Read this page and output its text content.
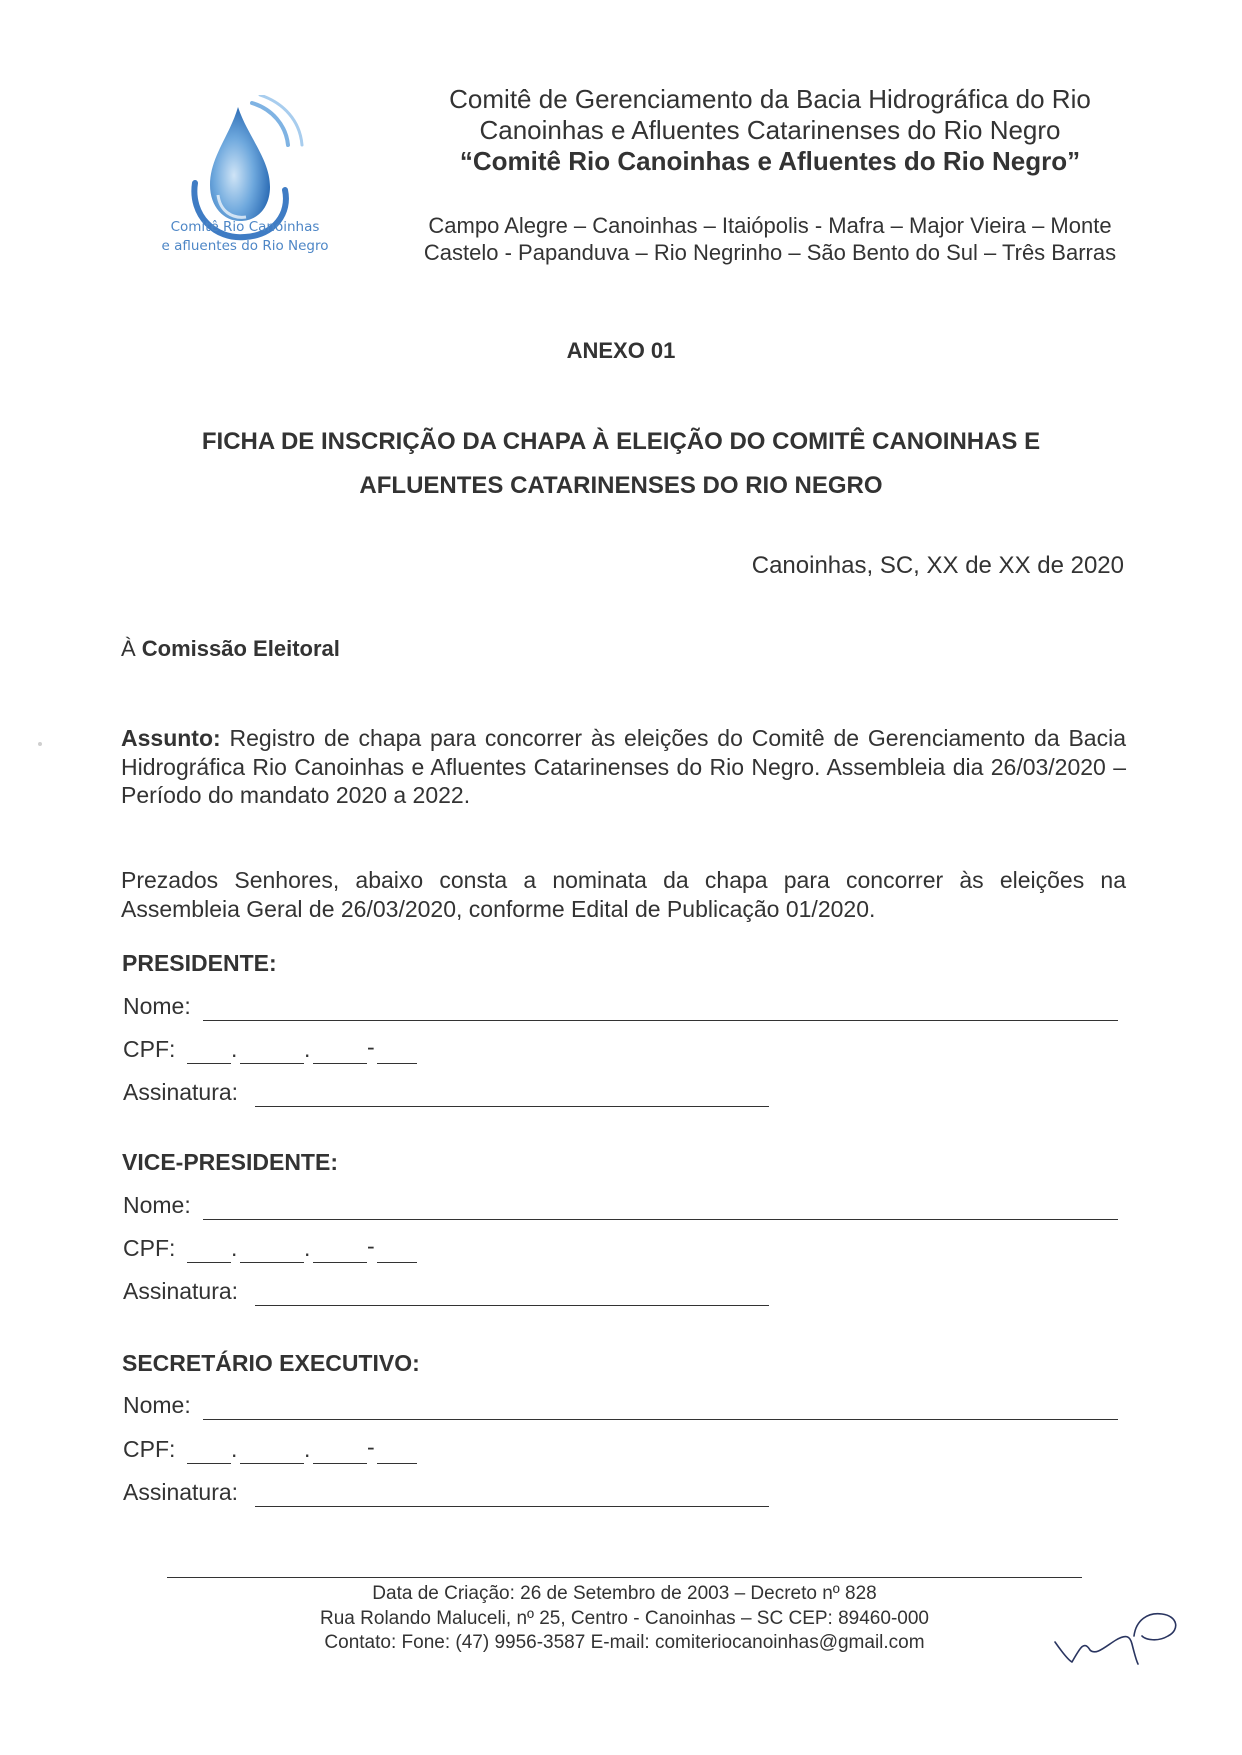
Comitê Rio Canoinhas
e afluentes do Rio Negro
Comitê de Gerenciamento da Bacia Hidrográfica do Rio
Canoinhas e Afluentes Catarinenses do Rio Negro
“Comitê Rio Canoinhas e Afluentes do Rio Negro”
Campo Alegre – Canoinhas – Itaiópolis - Mafra – Major Vieira – Monte
Castelo - Papanduva – Rio Negrinho – São Bento do Sul – Três Barras
ANEXO 01
FICHA DE INSCRIÇÃO DA CHAPA À ELEIÇÃO DO COMITÊ CANOINHAS E
AFLUENTES CATARINENSES DO RIO NEGRO
Canoinhas, SC, XX de XX de 2020
À Comissão Eleitoral
Assunto: Registro de chapa para concorrer às eleições do Comitê de Gerenciamento da Bacia Hidrográfica Rio Canoinhas e Afluentes Catarinenses do Rio Negro. Assembleia dia 26/03/2020 – Período do mandato 2020 a 2022.
Prezados Senhores, abaixo consta a nominata da chapa para concorrer às eleições na Assembleia Geral de 26/03/2020, conforme Edital de Publicação 01/2020.
PRESIDENTE:
Nome:
CPF: .	. -
Assinatura:
VICE-PRESIDENTE:
Nome:
CPF: .	. -
Assinatura:
SECRETÁRIO EXECUTIVO:
Nome:
CPF: .	. -
Assinatura:
Data de Criação: 26 de Setembro de 2003 – Decreto nº 828
Rua Rolando Maluceli, nº 25, Centro - Canoinhas – SC CEP: 89460-000
Contato: Fone: (47) 9956-3587 E-mail: comiteriocanoinhas@gmail.com
